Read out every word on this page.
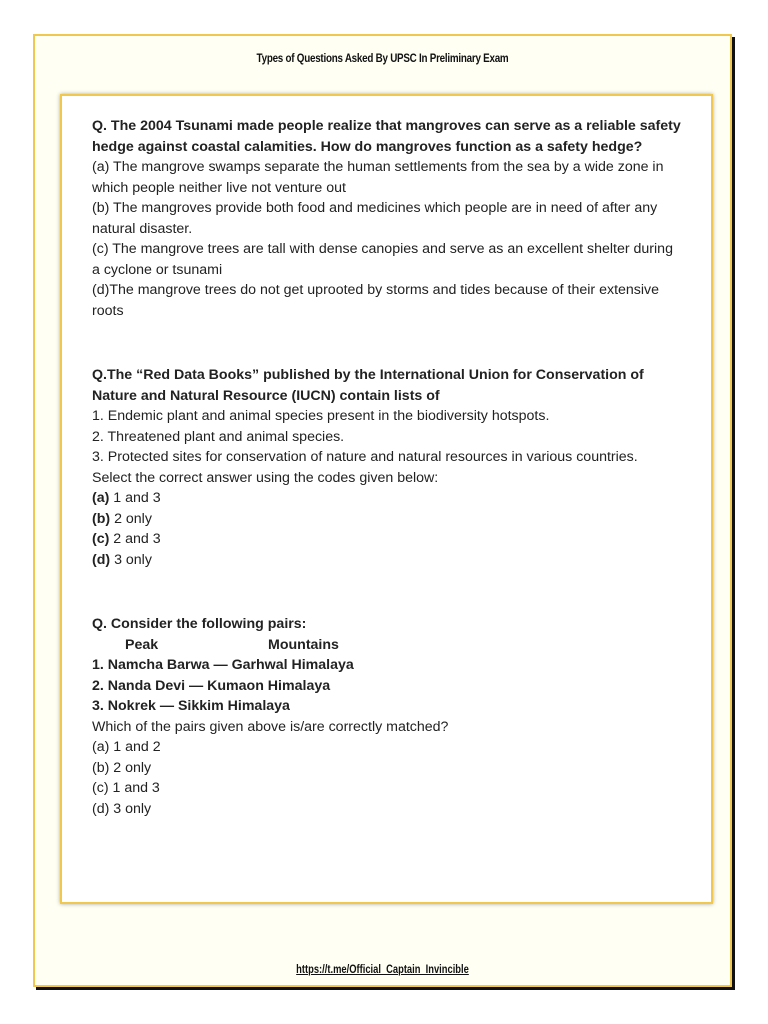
Types of Questions Asked By UPSC In Preliminary Exam
Q. The 2004 Tsunami made people realize that mangroves can serve as a reliable safety hedge against coastal calamities. How do mangroves function as a safety hedge?
(a) The mangrove swamps separate the human settlements from the sea by a wide zone in which people neither live not venture out
(b) The mangroves provide both food and medicines which people are in need of after any natural disaster.
(c) The mangrove trees are tall with dense canopies and serve as an excellent shelter during a cyclone or tsunami
(d)The mangrove trees do not get uprooted by storms and tides because of their extensive roots
Q.The “Red Data Books” published by the International Union for Conservation of Nature and Natural Resource (IUCN) contain lists of
1. Endemic plant and animal species present in the biodiversity hotspots.
2. Threatened plant and animal species.
3. Protected sites for conservation of nature and natural resources in various countries.
Select the correct answer using the codes given below:
(a) 1 and 3
(b) 2 only
(c) 2 and 3
(d) 3 only
Q. Consider the following pairs:
Peak	Mountains
1. Namcha Barwa — Garhwal Himalaya
2. Nanda Devi — Kumaon Himalaya
3. Nokrek — Sikkim Himalaya
Which of the pairs given above is/are correctly matched?
(a) 1 and 2
(b) 2 only
(c) 1 and 3
(d) 3 only
https://t.me/Official_Captain_Invincible
